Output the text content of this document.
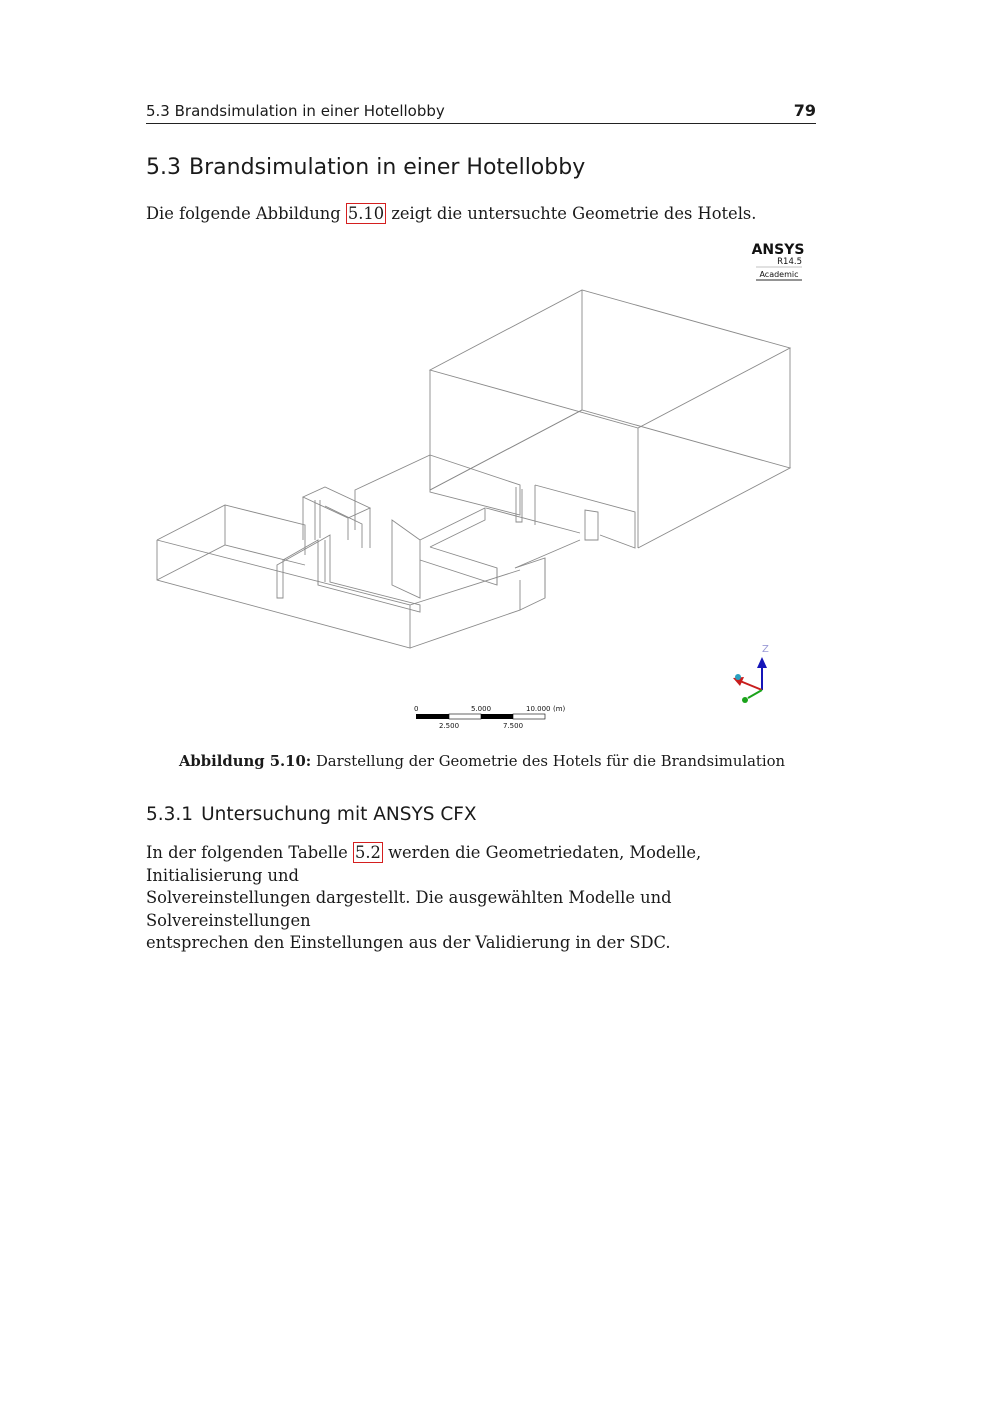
5.3 Brandsimulation in einer Hotellobby	79
5.3 Brandsimulation in einer Hotellobby

Die folgende Abbildung 5.10 zeigt die untersuchte Geometrie des Hotels.

ANSYS
R14.5
Academic
0	5.000	10.000 (m)
2.500	7.500
Z

Abbildung 5.10: Darstellung der Geometrie des Hotels für die Brandsimulation

5.3.1 Untersuchung mit ANSYS CFX

In der folgenden Tabelle 5.2 werden die Geometriedaten, Modelle, Initialisierung und
Solvereinstellungen dargestellt. Die ausgewählten Modelle und Solvereinstellungen
entsprechen den Einstellungen aus der Validierung in der SDC.
